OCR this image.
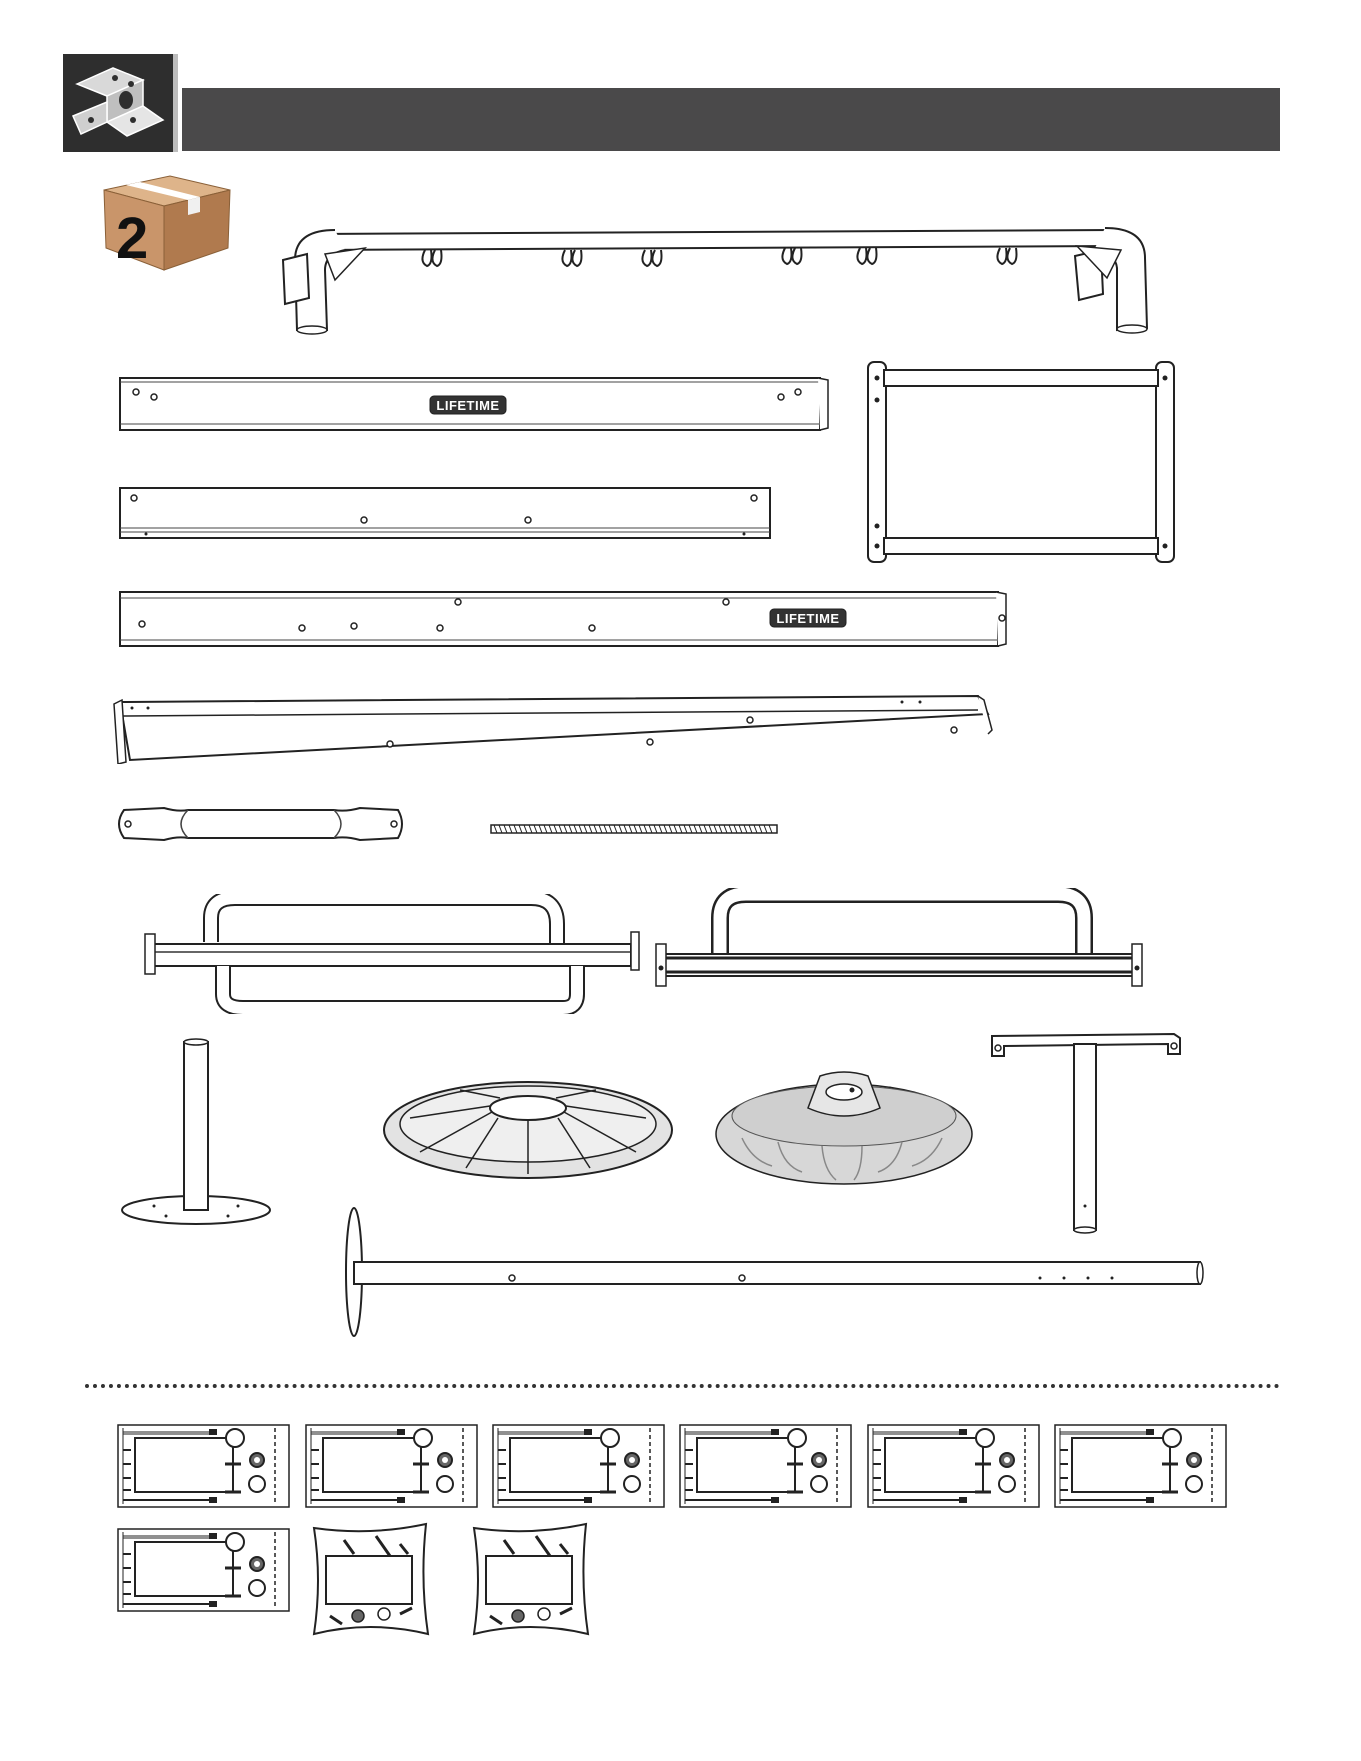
2
LIFETIME
LIFETIME
